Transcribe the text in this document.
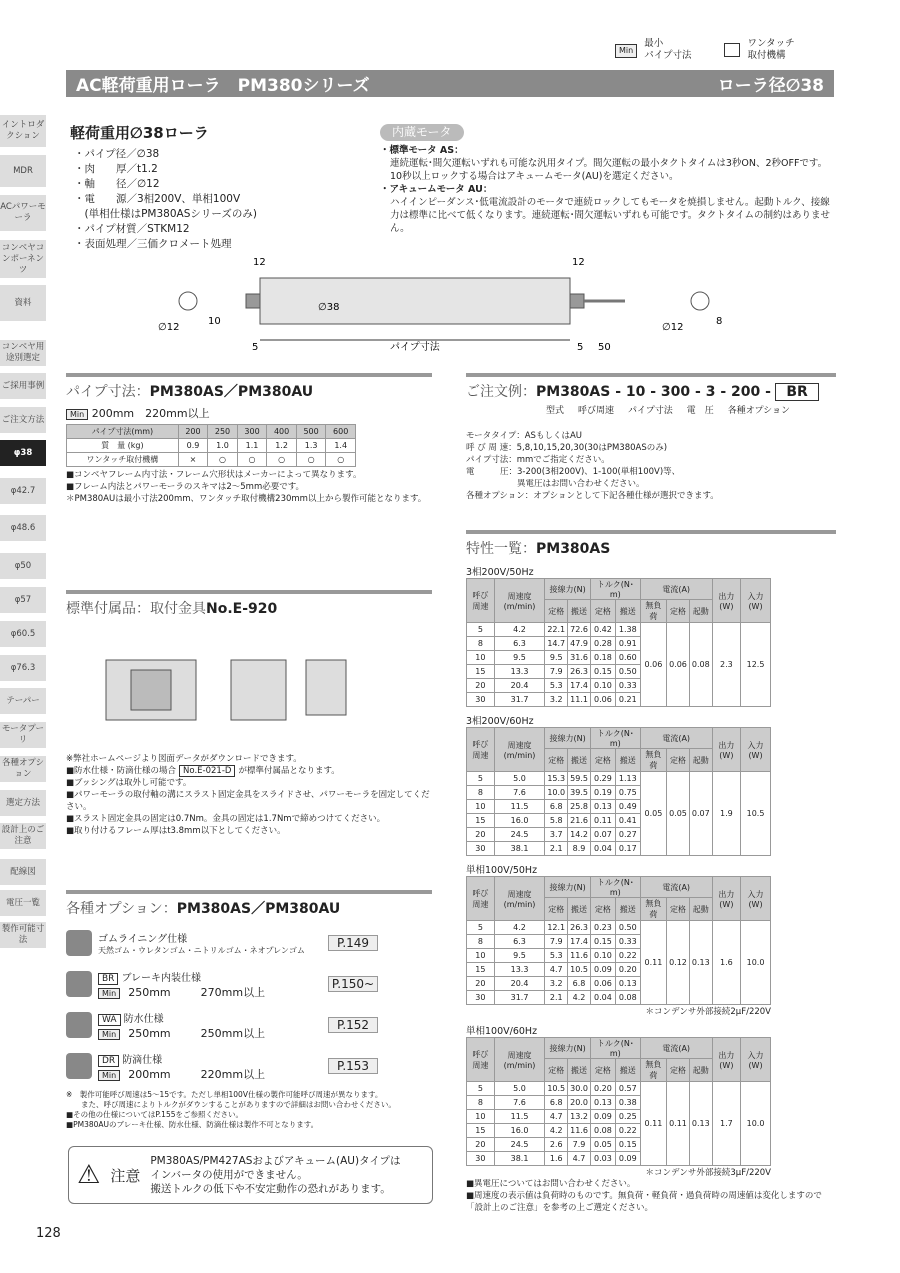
Min 最小
パイプ寸法  ワンタッチ
取付機構
AC軽荷重用ローラ　PM380シリーズ	ローラ径∅38
イントロダクション
MDR
ACパワーモーラ
コンベヤコンポーネンツ
資料
コンベヤ用途別選定
ご採用事例
ご注文方法
φ38
φ42.7
φ48.6
φ50
φ57
φ60.5
φ76.3
テーパー
モータプーリ
各種オプション
選定方法
設計上のご注意
配線図
電圧一覧
製作可能寸法
軽荷重用∅38ローラ
・パイプ径／∅38
・肉　　厚／t1.2
・軸　　径／∅12
・電　　源／3相200V、単相100V
　(単相仕様はPM380ASシリーズのみ)
・パイプ材質／STKM12
・表面処理／三価クロメート処理
内蔵モータ
・標準モータ AS：
連続運転･間欠運転いずれも可能な汎用タイプ。間欠運転の最小タクトタイムは3秒ON、2秒OFFです。10秒以上ロックする場合はアキュームモータ(AU)を選定ください。
・アキュームモータ AU：
ハイインピーダンス･低電流設計のモータで連続ロックしてもモータを焼損しません。起動トルク、接線力は標準に比べて低くなります。連続運転･間欠運転いずれも可能です。タクトタイムの制約はありません。
12	12
∅38
∅12
10
5	5 50
パイプ寸法
∅12
8
パイプ寸法：PM380AS／PM380AU
Min 200mm　 220mm以上
パイプ寸法(mm)	200	250	300	400	500	600
質　量 (kg)	0.9	1.0	1.1	1.2	1.3	1.4
ワンタッチ取付機構	×	○	○	○	○	○
■コンベヤフレーム内寸法・フレーム穴形状はメーカーによって異なります。
■フレーム内法とパワーモーラのスキマは2～5mm必要です。
＊PM380AUは最小寸法200mm、ワンタッチ取付機構230mm以上から製作可能となります。
ご注文例：PM380AS - 10 - 300 - 3 - 200 - BR
型式 呼び周速 パイプ寸法 電　圧 各種オプション
モータタイプ：ASもしくはAU
呼 び 周 速：5,8,10,15,20,30(30はPM380ASのみ)
パイプ寸法：mmでご指定ください。
電　　　圧：3-200(3相200V)、1-100(単相100V)等、
　　　　　　異電圧はお問い合わせください。
各種オプション：オプションとして下記各種仕様が選択できます。
特性一覧：PM380AS
3相200V/50Hz
呼び周速	周速度(m/min)	接線力(N)		トルク(N･m)		電流(A)			出力(W)	入力(W)
		定格	搬送	定格	搬送	無負荷	定格	起動		
5	4.2	22.1	72.6	0.42	1.38	0.06	0.06	0.08	2.3	12.5
8	6.3	14.7	47.9	0.28	0.91					
10	9.5	9.5	31.6	0.18	0.60					
15	13.3	7.9	26.3	0.15	0.50					
20	20.4	5.3	17.4	0.10	0.33					
30	31.7	3.2	11.1	0.06	0.21					
3相200V/60Hz
呼び周速	周速度(m/min)	接線力(N)		トルク(N･m)		電流(A)			出力(W)	入力(W)
		定格	搬送	定格	搬送	無負荷	定格	起動		
5	5.0	15.3	59.5	0.29	1.13	0.05	0.05	0.07	1.9	10.5
8	7.6	10.0	39.5	0.19	0.75					
10	11.5	6.8	25.8	0.13	0.49					
15	16.0	5.8	21.6	0.11	0.41					
20	24.5	3.7	14.2	0.07	0.27					
30	38.1	2.1	8.9	0.04	0.17					
単相100V/50Hz
呼び周速	周速度(m/min)	接線力(N)		トルク(N･m)		電流(A)			出力(W)	入力(W)
		定格	搬送	定格	搬送	無負荷	定格	起動		
5	4.2	12.1	26.3	0.23	0.50	0.11	0.12	0.13	1.6	10.0
8	6.3	7.9	17.4	0.15	0.33					
10	9.5	5.3	11.6	0.10	0.22					
15	13.3	4.7	10.5	0.09	0.20					
20	20.4	3.2	6.8	0.06	0.13					
30	31.7	2.1	4.2	0.04	0.08					
＊コンデンサ外部接続2μF/220V
単相100V/60Hz
呼び周速	周速度(m/min)	接線力(N)		トルク(N･m)		電流(A)			出力(W)	入力(W)
		定格	搬送	定格	搬送	無負荷	定格	起動		
5	5.0	10.5	30.0	0.20	0.57	0.11	0.11	0.13	1.7	10.0
8	7.6	6.8	20.0	0.13	0.38					
10	11.5	4.7	13.2	0.09	0.25					
15	16.0	4.2	11.6	0.08	0.22					
20	24.5	2.6	7.9	0.05	0.15					
30	38.1	1.6	4.7	0.03	0.09					
＊コンデンサ外部接続3μF/220V
■異電圧についてはお問い合わせください。
■周速度の表示値は負荷時のものです。無負荷・軽負荷・過負荷時の周速値は変化しますので「設計上のご注意」を参考の上ご選定ください。
標準付属品：取付金具No.E-920
※弊社ホームページより図面データがダウンロードできます。
■防水仕様・防滴仕様の場合 No.E-021-D が標準付属品となります。
■ブッシングは取外し可能です。
■パワーモーラの取付軸の溝にスラスト固定金具をスライドさせ、パワーモーラを固定してください。
■スラスト固定金具の固定は0.7Nm。金具の固定は1.7Nmで締めつけてください。
■取り付けるフレーム厚はt3.8mm以下としてください。
各種オプション：PM380AS／PM380AU
ゴムライニング仕様
天然ゴム・ウレタンゴム・ニトリルゴム・ネオプレンゴム
P.149
BR ブレーキ内装仕様
Min 250mm	270mm以上
P.150~
WA 防水仕様
Min 250mm	250mm以上
P.152
DR 防滴仕様
Min 200mm	220mm以上
P.153
※　製作可能呼び周速は5～15です。ただし単相100V仕様の製作可能呼び周速が異なります。
　　また、呼び周速によりトルクがダウンすることがありますので詳細はお問い合わせください。
■その他の仕様についてはP.155をご参照ください。
■PM380AUのブレーキ仕様、防水仕様、防滴仕様は製作不可となります。
⚠ 注意
PM380AS/PM427ASおよびアキューム(AU)タイプは
インバータの使用ができません。
搬送トルクの低下や不安定動作の恐れがあります。
128
